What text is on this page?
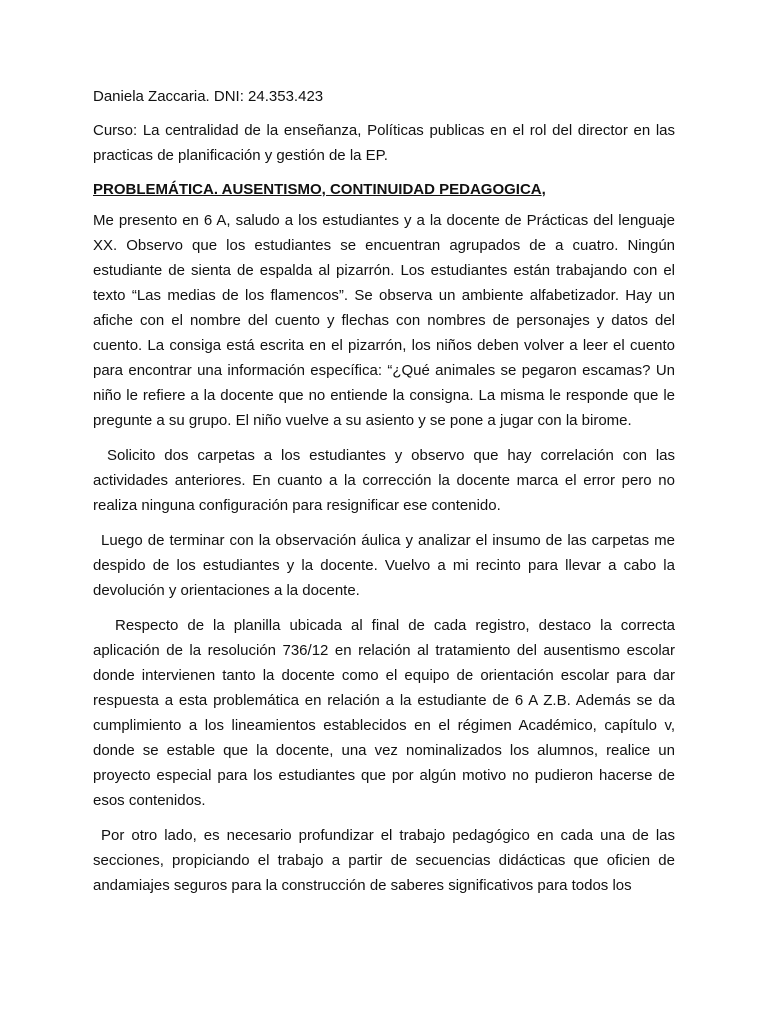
Daniela Zaccaria. DNI: 24.353.423

Curso: La centralidad de la enseñanza, Políticas publicas en el rol del director en las practicas de planificación y gestión de la EP.

PROBLEMÁTICA. AUSENTISMO, CONTINUIDAD PEDAGOGICA,

Me presento en 6 A, saludo a los estudiantes y a la docente de Prácticas del lenguaje XX. Observo que los estudiantes se encuentran agrupados de a cuatro. Ningún estudiante de sienta de espalda al pizarrón. Los estudiantes están trabajando con el texto “Las medias de los flamencos”. Se observa un ambiente alfabetizador. Hay un afiche con el nombre del cuento y flechas con nombres de personajes y datos del cuento. La consiga está escrita en el pizarrón, los niños deben volver a leer el cuento para encontrar una información específica: “¿Qué animales se pegaron escamas? Un niño le refiere a la docente que no entiende la consigna. La misma le responde que le pregunte a su grupo. El niño vuelve a su asiento y se pone a jugar con la birome.

Solicito dos carpetas a los estudiantes y observo que hay correlación con las actividades anteriores. En cuanto a la corrección la docente marca el error pero no realiza ninguna configuración para resignificar ese contenido.

Luego de terminar con la observación áulica y analizar el insumo de las carpetas me despido de los estudiantes y la docente. Vuelvo a mi recinto para llevar a cabo la devolución y orientaciones a la docente.

Respecto de la planilla ubicada al final de cada registro, destaco la correcta aplicación de la resolución 736/12 en relación al tratamiento del ausentismo escolar donde intervienen tanto la docente como el equipo de orientación escolar para dar respuesta a esta problemática en relación a la estudiante de 6 A Z.B. Además se da cumplimiento a los lineamientos establecidos en el régimen Académico, capítulo v, donde se estable que la docente, una vez nominalizados los alumnos, realice un proyecto especial para los estudiantes que por algún motivo no pudieron hacerse de esos contenidos.

Por otro lado, es necesario profundizar el trabajo pedagógico en cada una de las secciones, propiciando el trabajo a partir de secuencias didácticas que oficien de andamiajes seguros para la construcción de saberes significativos para todos los
